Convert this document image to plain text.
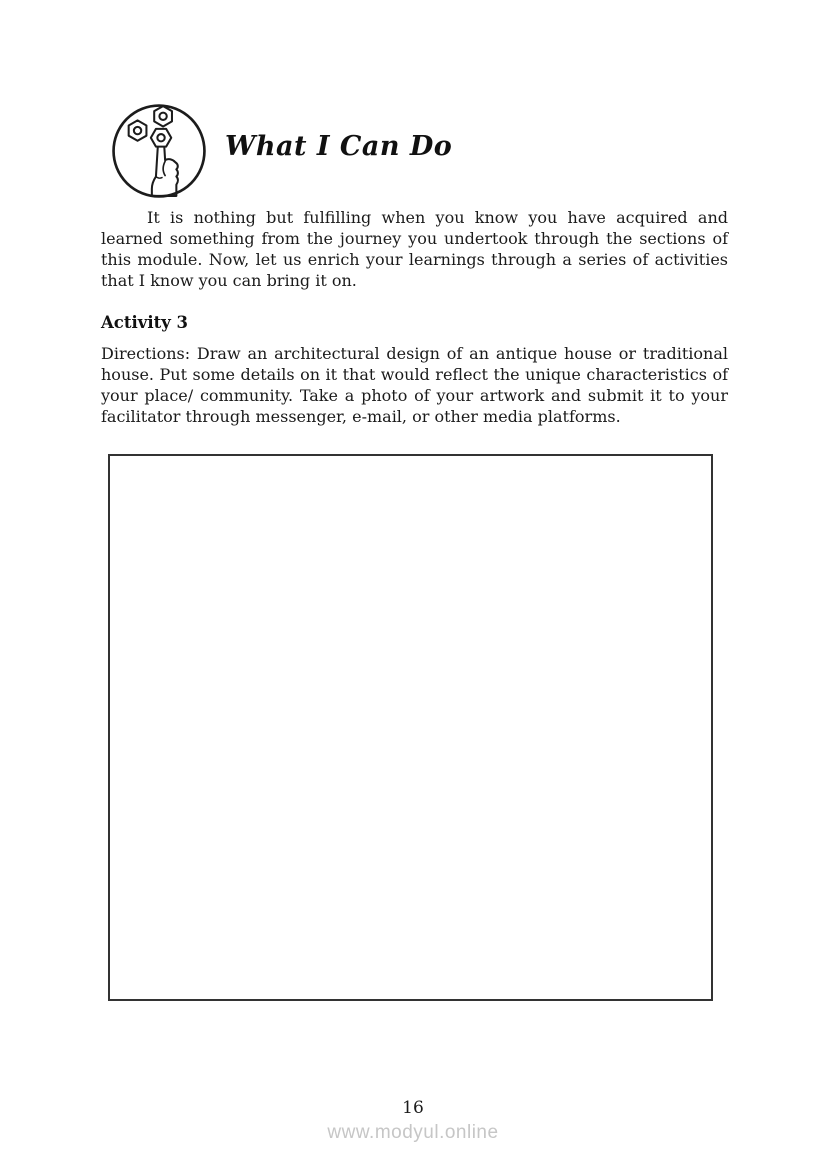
What I Can Do

It is nothing but fulfilling when you know you have acquired and learned something from the journey you undertook through the sections of this module. Now, let us enrich your learnings through a series of activities that I know you can bring it on.

Activity 3

Directions: Draw an architectural design of an antique house or traditional house. Put some details on it that would reflect the unique characteristics of your place/ community. Take a photo of your artwork and submit it to your facilitator through messenger, e-mail, or other media platforms.

16
www.modyul.online
